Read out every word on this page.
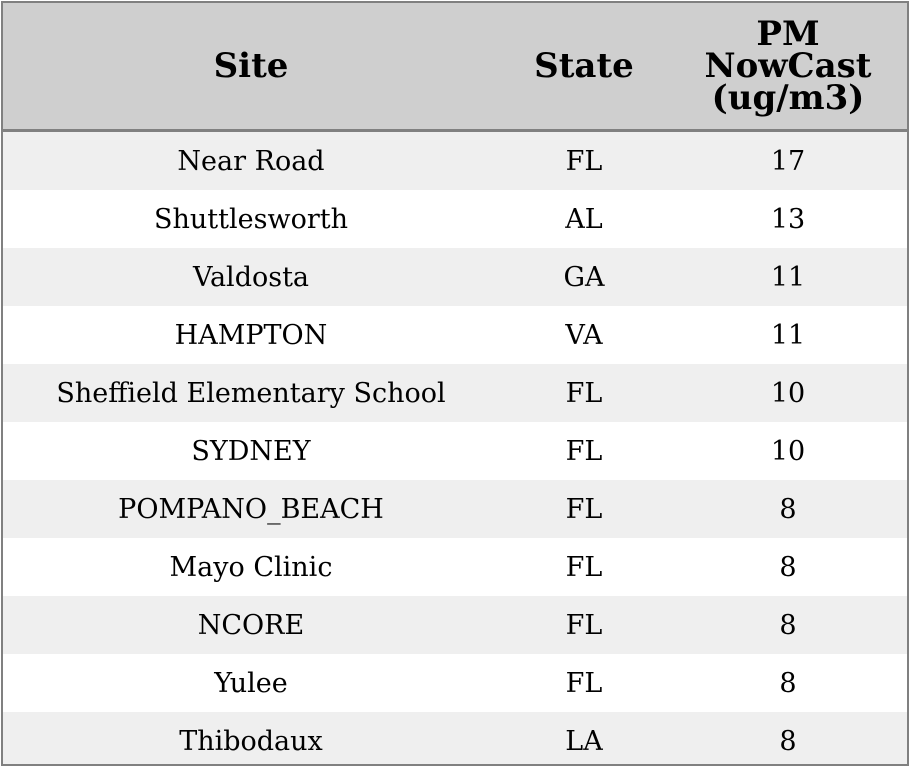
Site	State	PM NowCast (ug/m3)
Near Road	FL	17
Shuttlesworth	AL	13
Valdosta	GA	11
HAMPTON	VA	11
Sheffield Elementary School	FL	10
SYDNEY	FL	10
POMPANO_BEACH	FL	8
Mayo Clinic	FL	8
NCORE	FL	8
Yulee	FL	8
Thibodaux	LA	8
